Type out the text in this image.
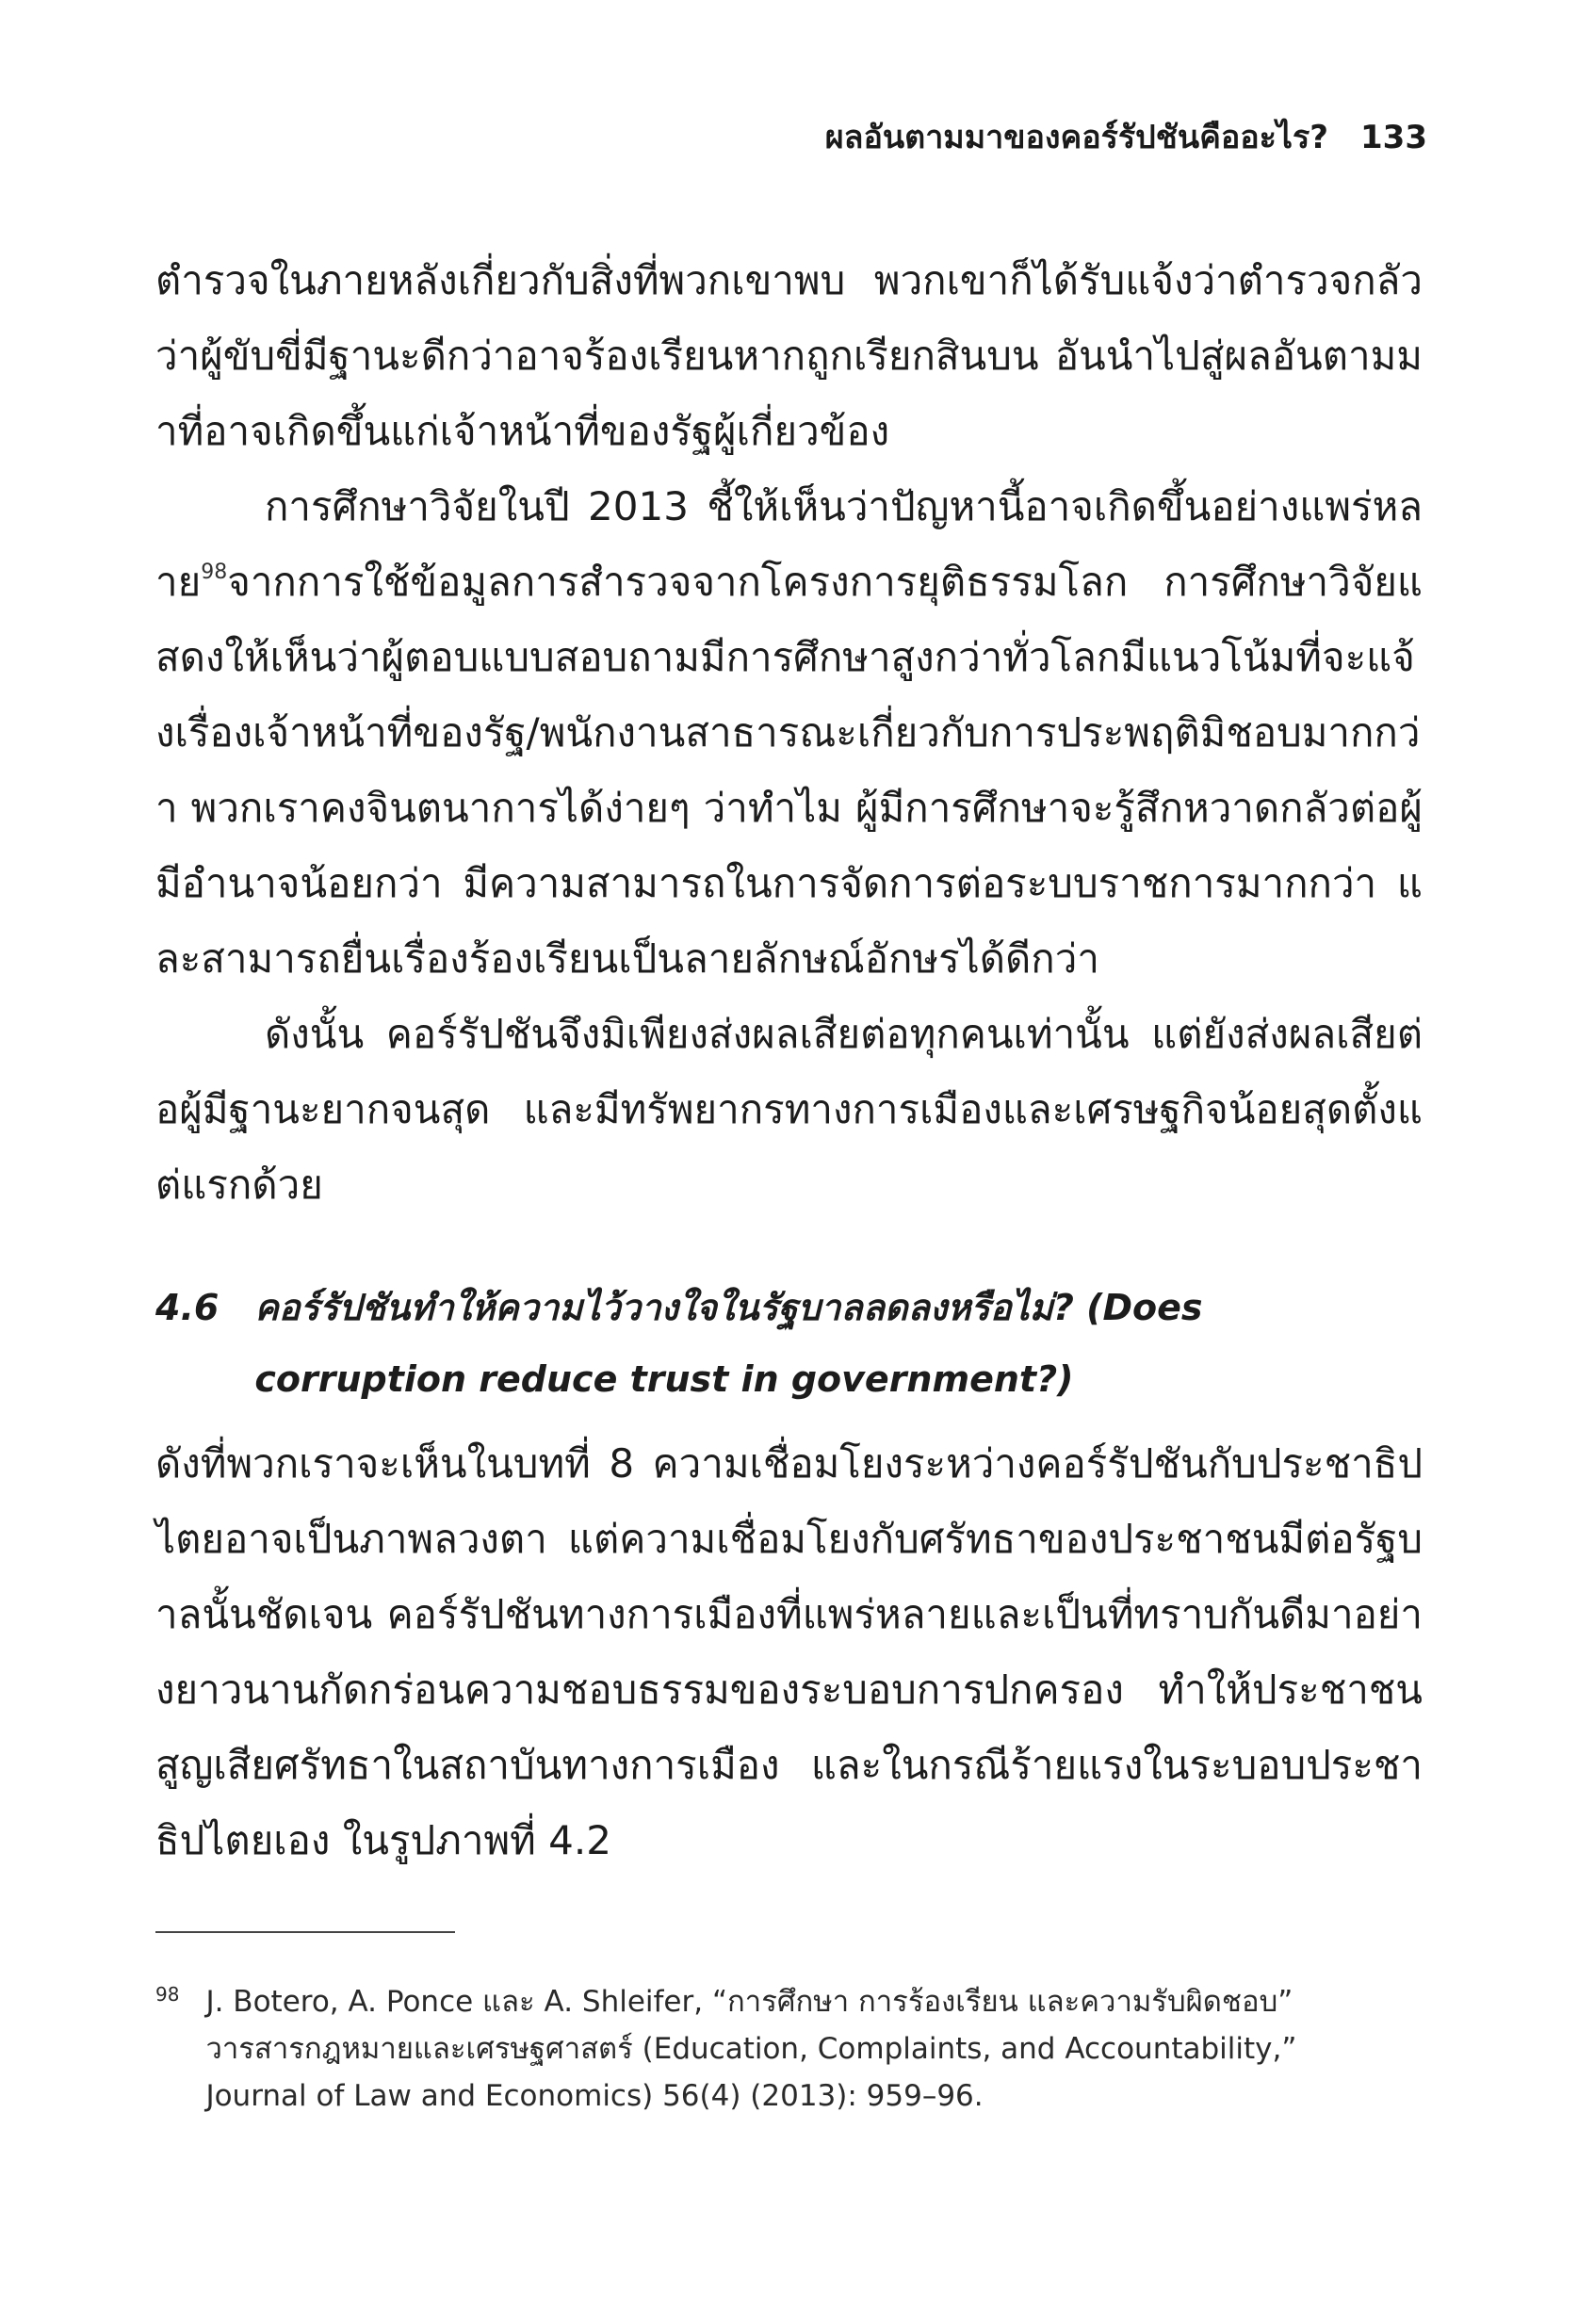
ผลอันตามมาของคอร์รัปชันคืออะไร? 133

ตำรวจในภายหลังเกี่ยวกับสิ่งที่พวกเขาพบ พวกเขาก็ได้รับแจ้งว่าตำรวจกลัวว่าผู้ขับขี่มีฐานะดีกว่าอาจร้องเรียนหากถูกเรียกสินบน อันนำไปสู่ผลอันตามมาที่อาจเกิดขึ้นแก่เจ้าหน้าที่ของรัฐผู้เกี่ยวข้อง

การศึกษาวิจัยในปี 2013 ชี้ให้เห็นว่าปัญหานี้อาจเกิดขึ้นอย่างแพร่หลาย$^{98}$จากการใช้ข้อมูลการสำรวจจากโครงการยุติธรรมโลก การศึกษาวิจัยแสดงให้เห็นว่าผู้ตอบแบบสอบถามมีการศึกษาสูงกว่าทั่วโลกมีแนวโน้มที่จะแจ้งเรื่องเจ้าหน้าที่ของรัฐ/พนักงานสาธารณะเกี่ยวกับการประพฤติมิชอบมากกว่า พวกเราคงจินตนาการได้ง่ายๆ ว่าทำไม ผู้มีการศึกษาจะรู้สึกหวาดกลัวต่อผู้มีอำนาจน้อยกว่า มีความสามารถในการจัดการต่อระบบราชการมากกว่า และสามารถยื่นเรื่องร้องเรียนเป็นลายลักษณ์อักษรได้ดีกว่า

ดังนั้น คอร์รัปชันจึงมิเพียงส่งผลเสียต่อทุกคนเท่านั้น แต่ยังส่งผลเสียต่อผู้มีฐานะยากจนสุด และมีทรัพยากรทางการเมืองและเศรษฐกิจน้อยสุดตั้งแต่แรกด้วย

4.6 คอร์รัปชันทำให้ความไว้วางใจในรัฐบาลลดลงหรือไม่? (Does corruption reduce trust in government?)

ดังที่พวกเราจะเห็นในบทที่ 8 ความเชื่อมโยงระหว่างคอร์รัปชันกับประชาธิปไตยอาจเป็นภาพลวงตา แต่ความเชื่อมโยงกับศรัทธาของประชาชนมีต่อรัฐบาลนั้นชัดเจน คอร์รัปชันทางการเมืองที่แพร่หลายและเป็นที่ทราบกันดีมาอย่างยาวนานกัดกร่อนความชอบธรรมของระบอบการปกครอง ทำให้ประชาชนสูญเสียศรัทธาในสถาบันทางการเมือง และในกรณีร้ายแรงในระบอบประชาธิปไตยเอง ในรูปภาพที่ 4.2

98 J. Botero, A. Ponce และ A. Shleifer, “การศึกษา การร้องเรียน และความรับผิดชอบ”
วารสารกฎหมายและเศรษฐศาสตร์ (Education, Complaints, and Accountability,”
Journal of Law and Economics) 56(4) (2013): 959–96.
